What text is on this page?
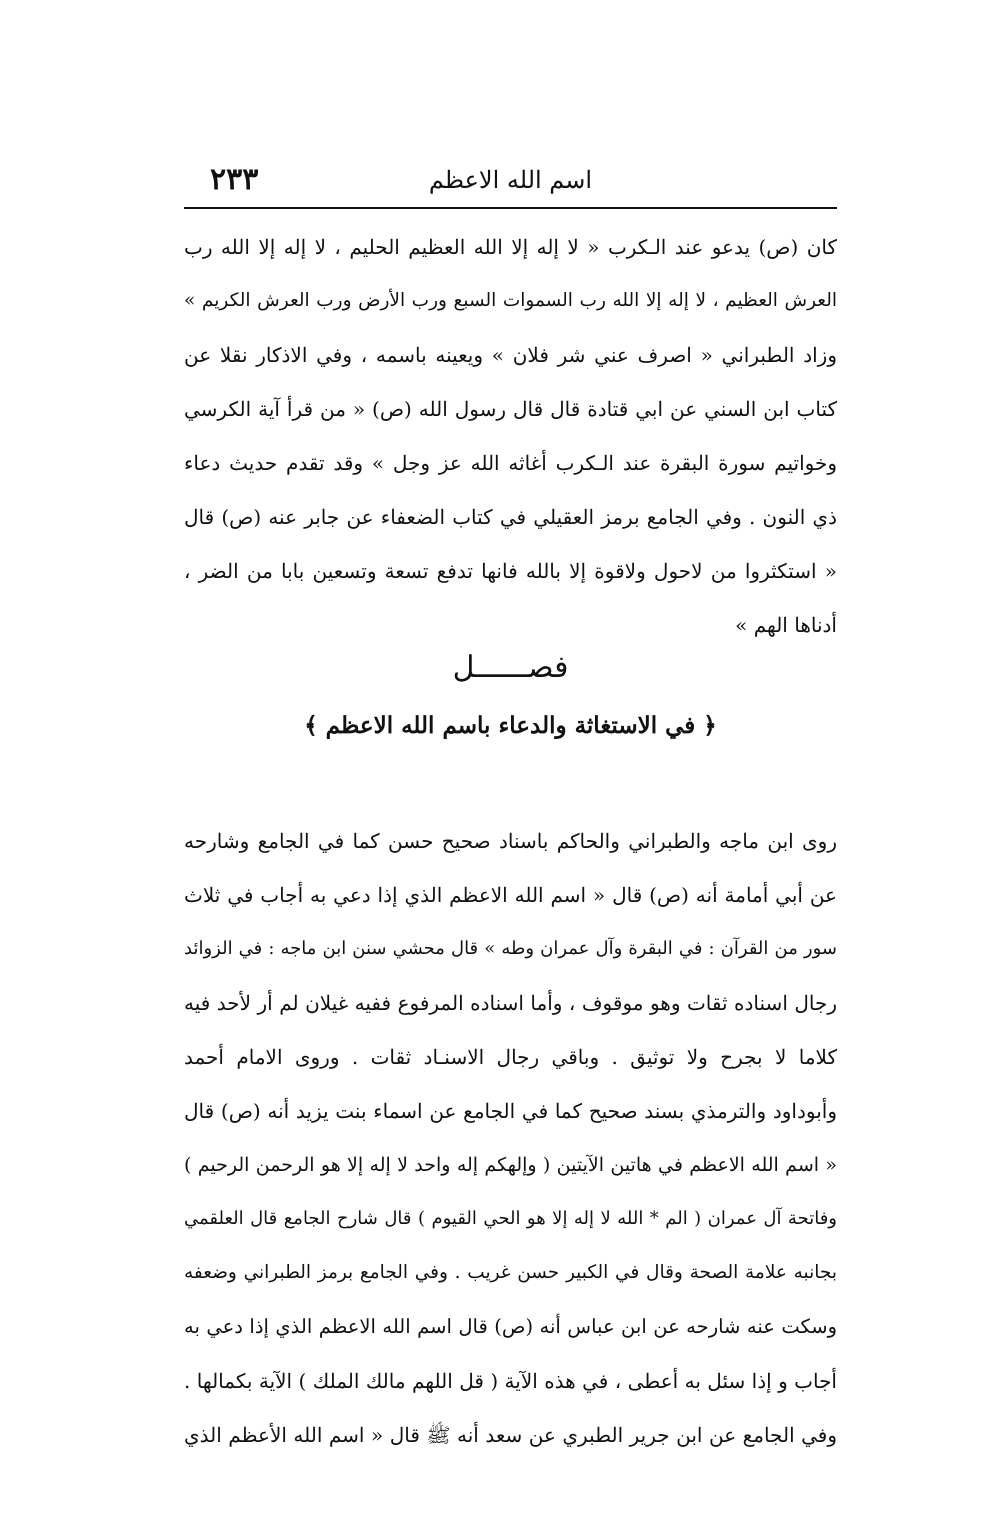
٢٣٣	اسم الله الاعظم
كان (ص) يدعو عند الـكرب « لا إله إلا الله العظيم الحليم ، لا إله إلا الله رب
العرش العظيم ، لا إله إلا الله رب السموات السبع ورب الأرض ورب العرش الكريم »
وزاد الطبراني « اصرف عني شر فلان » ويعينه باسمه ، وفي الاذكار نقلا عن
كتاب ابن السني عن ابي قتادة قال قال رسول الله (ص) « من قرأ آية الكرسي
وخواتيم سورة البقرة عند الـكرب أغاثه الله عز وجل » وقد تقدم حديث دعاء
ذي النون . وفي الجامع برمز العقيلي في كتاب الضعفاء عن جابر عنه (ص) قال
« استكثروا من لاحول ولاقوة إلا بالله فانها تدفع تسعة وتسعين بابا من الضر ،
أدناها الهم »
فصــــــل
﴿ في الاستغاثة والدعاء باسم الله الاعظم ﴾
روى ابن ماجه والطبراني والحاكم باسناد صحيح حسن كما في الجامع وشارحه
عن أبي أمامة أنه (ص) قال « اسم الله الاعظم الذي إذا دعي به أجاب في ثلاث
سور من القرآن : في البقرة وآل عمران وطه » قال محشي سنن ابن ماجه : في الزوائد
رجال اسناده ثقات وهو موقوف ، وأما اسناده المرفوع ففيه غيلان لم أر لأحد فيه
كلاما لا بجرح ولا توثيق . وباقي رجال الاسنـاد ثقات . وروى الامام أحمد
وأبوداود والترمذي بسند صحيح كما في الجامع عن اسماء بنت يزيد أنه (ص) قال
« اسم الله الاعظم في هاتين الآيتين ( وإلهكم إله واحد لا إله إلا هو الرحمن الرحيم )
وفاتحة آل عمران ( الم * الله لا إله إلا هو الحي القيوم ) قال شارح الجامع قال العلقمي
بجانبه علامة الصحة وقال في الكبير حسن غريب . وفي الجامع برمز الطبراني وضعفه
وسكت عنه شارحه عن ابن عباس أنه (ص) قال اسم الله الاعظم الذي إذا دعي به
أجاب و إذا سئل به أعطى ، في هذه الآية ( قل اللهم مالك الملك ) الآية بكمالها .
وفي الجامع عن ابن جرير الطبري عن سعد أنه ﷺ قال « اسم الله الأعظم الذي
